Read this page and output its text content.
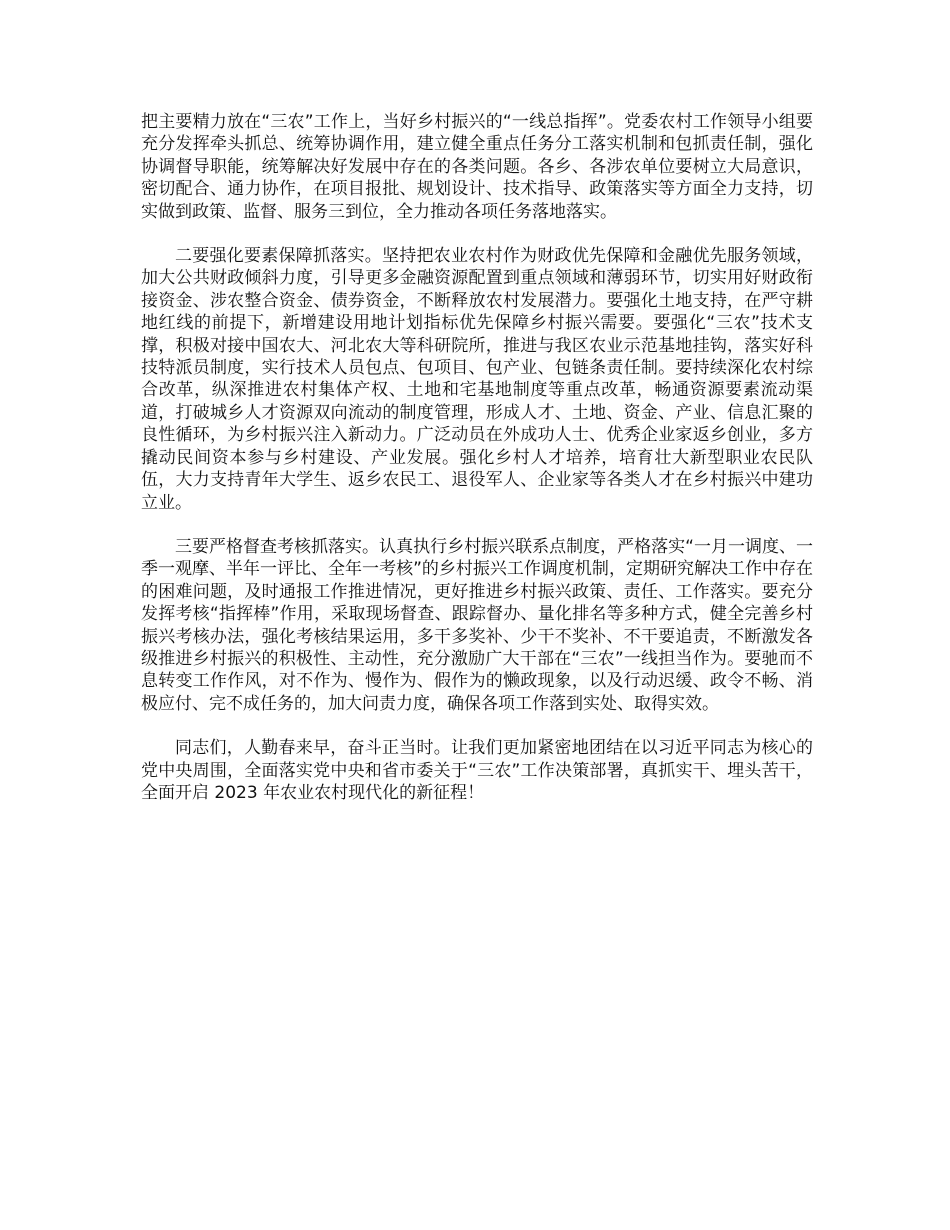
把主要精力放在“三农”工作上，当好乡村振兴的“一线总指挥”。党委农村工作领导小组要充分发挥牵头抓总、统筹协调作用，建立健全重点任务分工落实机制和包抓责任制，强化协调督导职能，统筹解决好发展中存在的各类问题。各乡、各涉农单位要树立大局意识，密切配合、通力协作，在项目报批、规划设计、技术指导、政策落实等方面全力支持，切实做到政策、监督、服务三到位，全力推动各项任务落地落实。

二要强化要素保障抓落实。坚持把农业农村作为财政优先保障和金融优先服务领域，加大公共财政倾斜力度，引导更多金融资源配置到重点领域和薄弱环节，切实用好财政衔接资金、涉农整合资金、债券资金，不断释放农村发展潜力。要强化土地支持，在严守耕地红线的前提下，新增建设用地计划指标优先保障乡村振兴需要。要强化“三农”技术支撑，积极对接中国农大、河北农大等科研院所，推进与我区农业示范基地挂钩，落实好科技特派员制度，实行技术人员包点、包项目、包产业、包链条责任制。要持续深化农村综合改革，纵深推进农村集体产权、土地和宅基地制度等重点改革，畅通资源要素流动渠道，打破城乡人才资源双向流动的制度管理，形成人才、土地、资金、产业、信息汇聚的良性循环，为乡村振兴注入新动力。广泛动员在外成功人士、优秀企业家返乡创业，多方撬动民间资本参与乡村建设、产业发展。强化乡村人才培养，培育壮大新型职业农民队伍，大力支持青年大学生、返乡农民工、退役军人、企业家等各类人才在乡村振兴中建功立业。

三要严格督查考核抓落实。认真执行乡村振兴联系点制度，严格落实“一月一调度、一季一观摩、半年一评比、全年一考核”的乡村振兴工作调度机制，定期研究解决工作中存在的困难问题，及时通报工作推进情况，更好推进乡村振兴政策、责任、工作落实。要充分发挥考核“指挥棒”作用，采取现场督查、跟踪督办、量化排名等多种方式，健全完善乡村振兴考核办法，强化考核结果运用，多干多奖补、少干不奖补、不干要追责，不断激发各级推进乡村振兴的积极性、主动性，充分激励广大干部在“三农”一线担当作为。要驰而不息转变工作作风，对不作为、慢作为、假作为的懒政现象，以及行动迟缓、政令不畅、消极应付、完不成任务的，加大问责力度，确保各项工作落到实处、取得实效。

同志们，人勤春来早，奋斗正当时。让我们更加紧密地团结在以习近平同志为核心的党中央周围，全面落实党中央和省市委关于“三农”工作决策部署，真抓实干、埋头苦干，全面开启 2023 年农业农村现代化的新征程！
